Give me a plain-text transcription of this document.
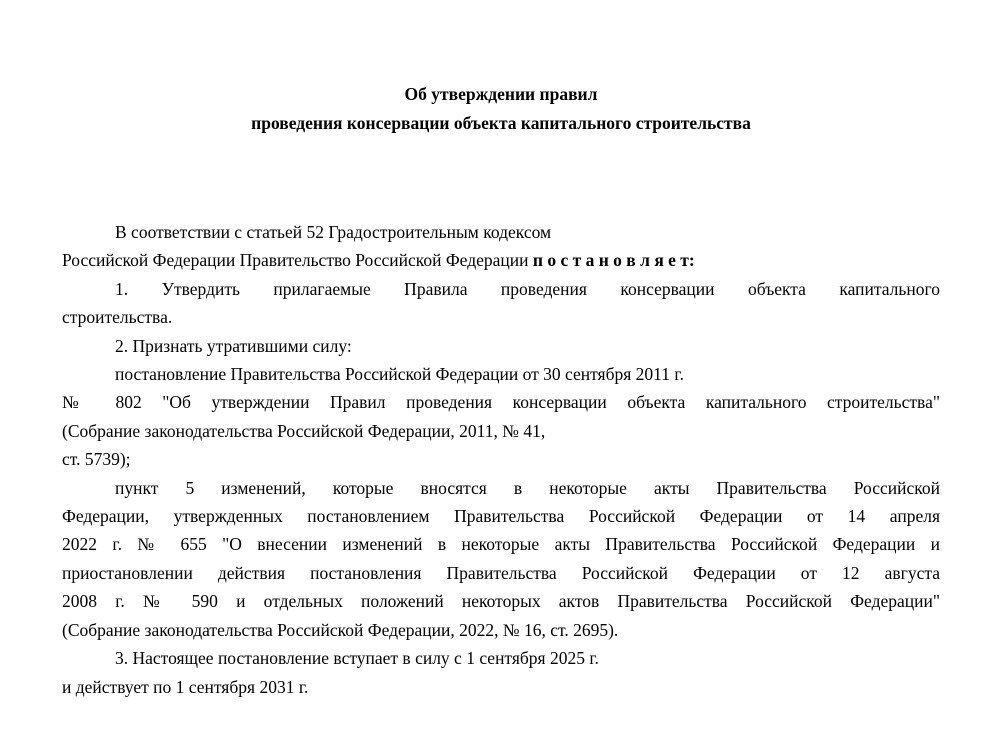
Об утверждении правил
проведения консервации объекта капитального строительства
В соответствии с статьей 52 Градостроительным кодексом
Российской Федерации Правительство Российской Федерации п о с т а н о в л я е т:
1. Утвердить прилагаемые Правила проведения консервации объекта капитального
строительства.
2. Признать утратившими силу:
постановление Правительства Российской Федерации от 30 сентября 2011 г.
№ 802 "Об утверждении Правил проведения консервации объекта капитального строительства"
(Собрание законодательства Российской Федерации, 2011, № 41,
ст. 5739);
пункт 5 изменений, которые вносятся в некоторые акты Правительства Российской
Федерации, утвержденных постановлением Правительства Российской Федерации от 14 апреля
2022 г. № 655 "О внесении изменений в некоторые акты Правительства Российской Федерации и
приостановлении действия постановления Правительства Российской Федерации от 12 августа
2008 г. № 590 и отдельных положений некоторых актов Правительства Российской Федерации"
(Собрание законодательства Российской Федерации, 2022, № 16, ст. 2695).
3. Настоящее постановление вступает в силу с 1 сентября 2025 г.
и действует по 1 сентября 2031 г.
